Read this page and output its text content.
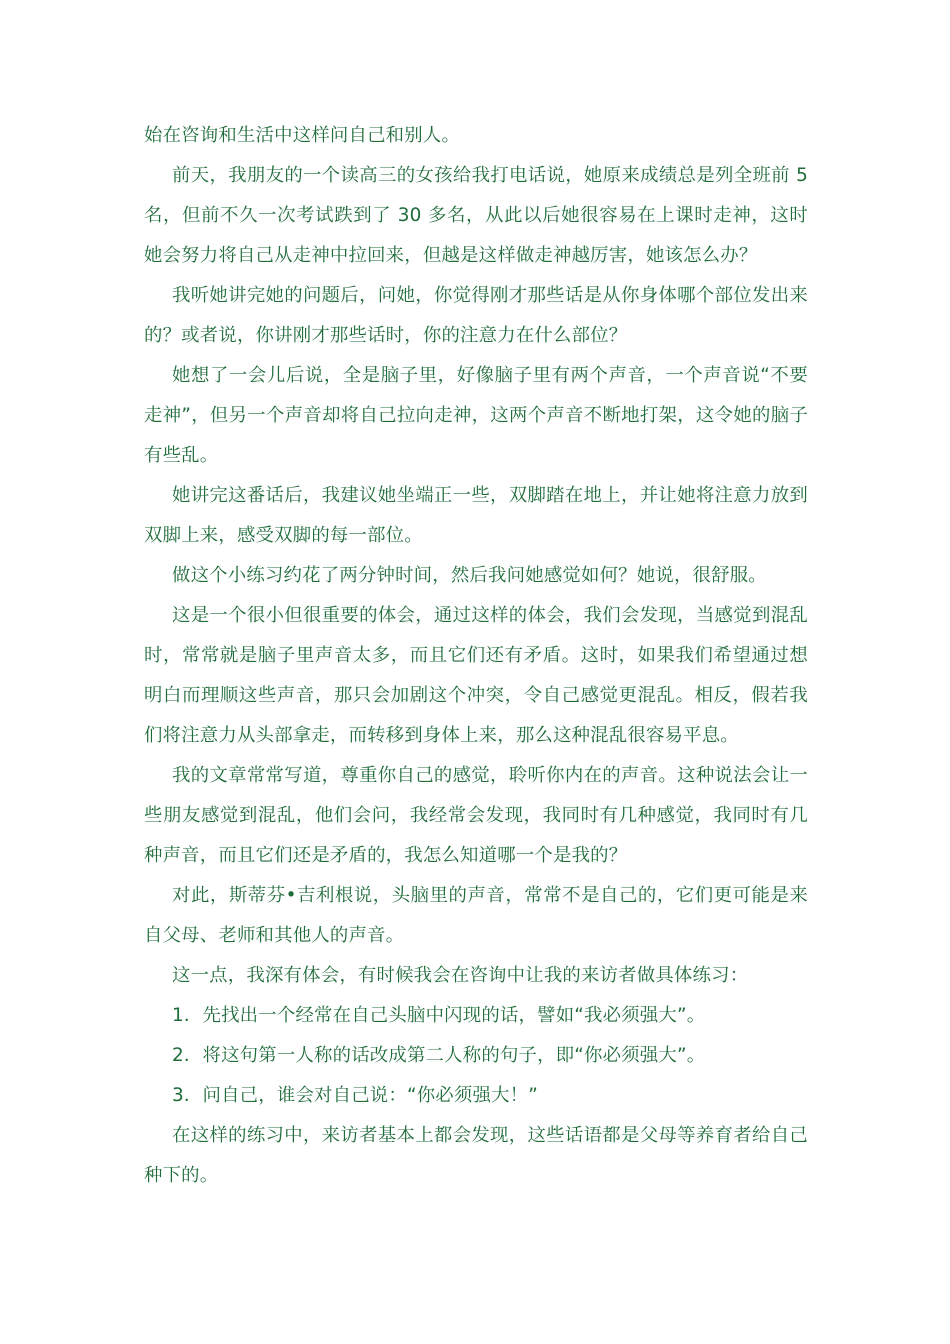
始在咨询和生活中这样问自己和别人。

前天，我朋友的一个读高三的女孩给我打电话说，她原来成绩总是列全班前 5 名，但前不久一次考试跌到了 30 多名，从此以后她很容易在上课时走神，这时她会努力将自己从走神中拉回来，但越是这样做走神越厉害，她该怎么办？

我听她讲完她的问题后，问她，你觉得刚才那些话是从你身体哪个部位发出来的？或者说，你讲刚才那些话时，你的注意力在什么部位？

她想了一会儿后说，全是脑子里，好像脑子里有两个声音，一个声音说“不要走神”，但另一个声音却将自己拉向走神，这两个声音不断地打架，这令她的脑子有些乱。

她讲完这番话后，我建议她坐端正一些，双脚踏在地上，并让她将注意力放到双脚上来，感受双脚的每一部位。

做这个小练习约花了两分钟时间，然后我问她感觉如何？她说，很舒服。

这是一个很小但很重要的体会，通过这样的体会，我们会发现，当感觉到混乱时，常常就是脑子里声音太多，而且它们还有矛盾。这时，如果我们希望通过想明白而理顺这些声音，那只会加剧这个冲突，令自己感觉更混乱。相反，假若我们将注意力从头部拿走，而转移到身体上来，那么这种混乱很容易平息。

我的文章常常写道，尊重你自己的感觉，聆听你内在的声音。这种说法会让一些朋友感觉到混乱，他们会问，我经常会发现，我同时有几种感觉，我同时有几种声音，而且它们还是矛盾的，我怎么知道哪一个是我的？

对此，斯蒂芬•吉利根说，头脑里的声音，常常不是自己的，它们更可能是来自父母、老师和其他人的声音。

这一点，我深有体会，有时候我会在咨询中让我的来访者做具体练习：

1．先找出一个经常在自己头脑中闪现的话，譬如“我必须强大”。

2．将这句第一人称的话改成第二人称的句子，即“你必须强大”。

3．问自己，谁会对自己说：“你必须强大！”

在这样的练习中，来访者基本上都会发现，这些话语都是父母等养育者给自己种下的。
